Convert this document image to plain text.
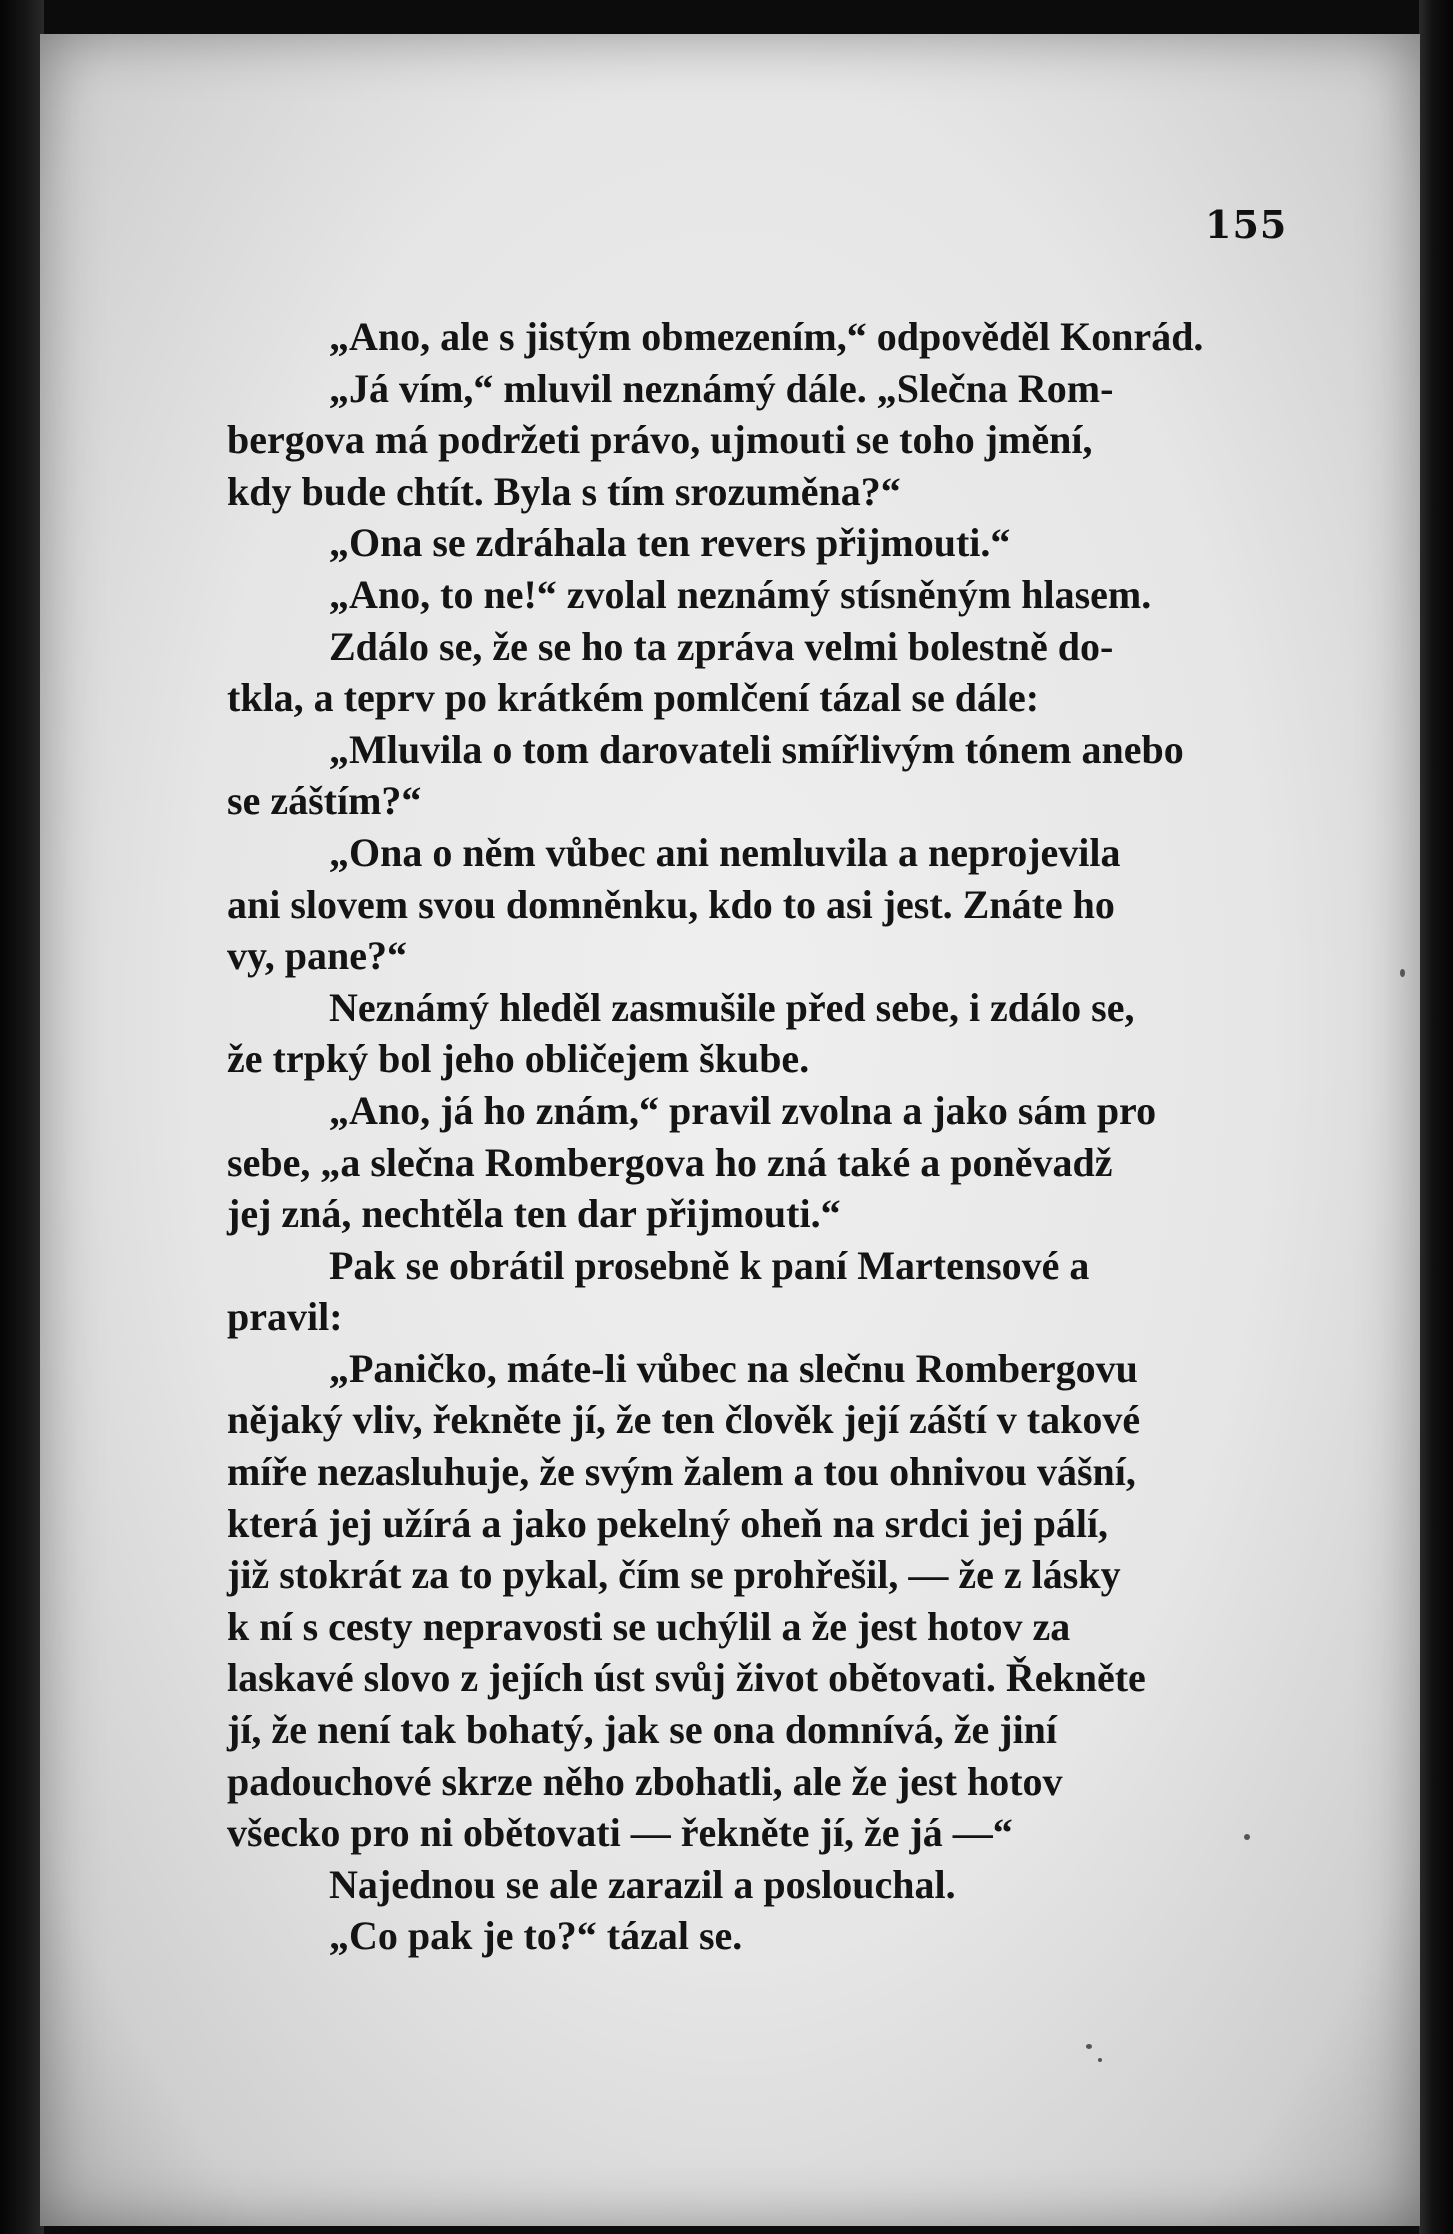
155
„Ano, ale s jistým obmezením,“ odpověděl Konrád.
„Já vím,“ mluvil neznámý dále. „Slečna Rom-
bergova má podržeti právo, ujmouti se toho jmění,
kdy bude chtít. Byla s tím srozuměna?“
„Ona se zdráhala ten revers přijmouti.“
„Ano, to ne!“ zvolal neznámý stísněným hlasem.
Zdálo se, že se ho ta zpráva velmi bolestně do-
tkla, a teprv po krátkém pomlčení tázal se dále:
„Mluvila o tom darovateli smířlivým tónem anebo
se záštím?“
„Ona o něm vůbec ani nemluvila a neprojevila
ani slovem svou domněnku, kdo to asi jest. Znáte ho
vy, pane?“
Neznámý hleděl zasmušile před sebe, i zdálo se,
že trpký bol jeho obličejem škube.
„Ano, já ho znám,“ pravil zvolna a jako sám pro
sebe, „a slečna Rombergova ho zná také a poněvadž
jej zná, nechtěla ten dar přijmouti.“
Pak se obrátil prosebně k paní Martensové a
pravil:
„Paničko, máte-li vůbec na slečnu Rombergovu
nějaký vliv, řekněte jí, že ten člověk její záští v takové
míře nezasluhuje, že svým žalem a tou ohnivou vášní,
která jej užírá a jako pekelný oheň na srdci jej pálí,
již stokrát za to pykal, čím se prohřešil, — že z lásky
k ní s cesty nepravosti se uchýlil a že jest hotov za
laskavé slovo z jejích úst svůj život obětovati. Řekněte
jí, že není tak bohatý, jak se ona domnívá, že jiní
padouchové skrze něho zbohatli, ale že jest hotov
všecko pro ni obětovati — řekněte jí, že já —“
Najednou se ale zarazil a poslouchal.
„Co pak je to?“ tázal se.
